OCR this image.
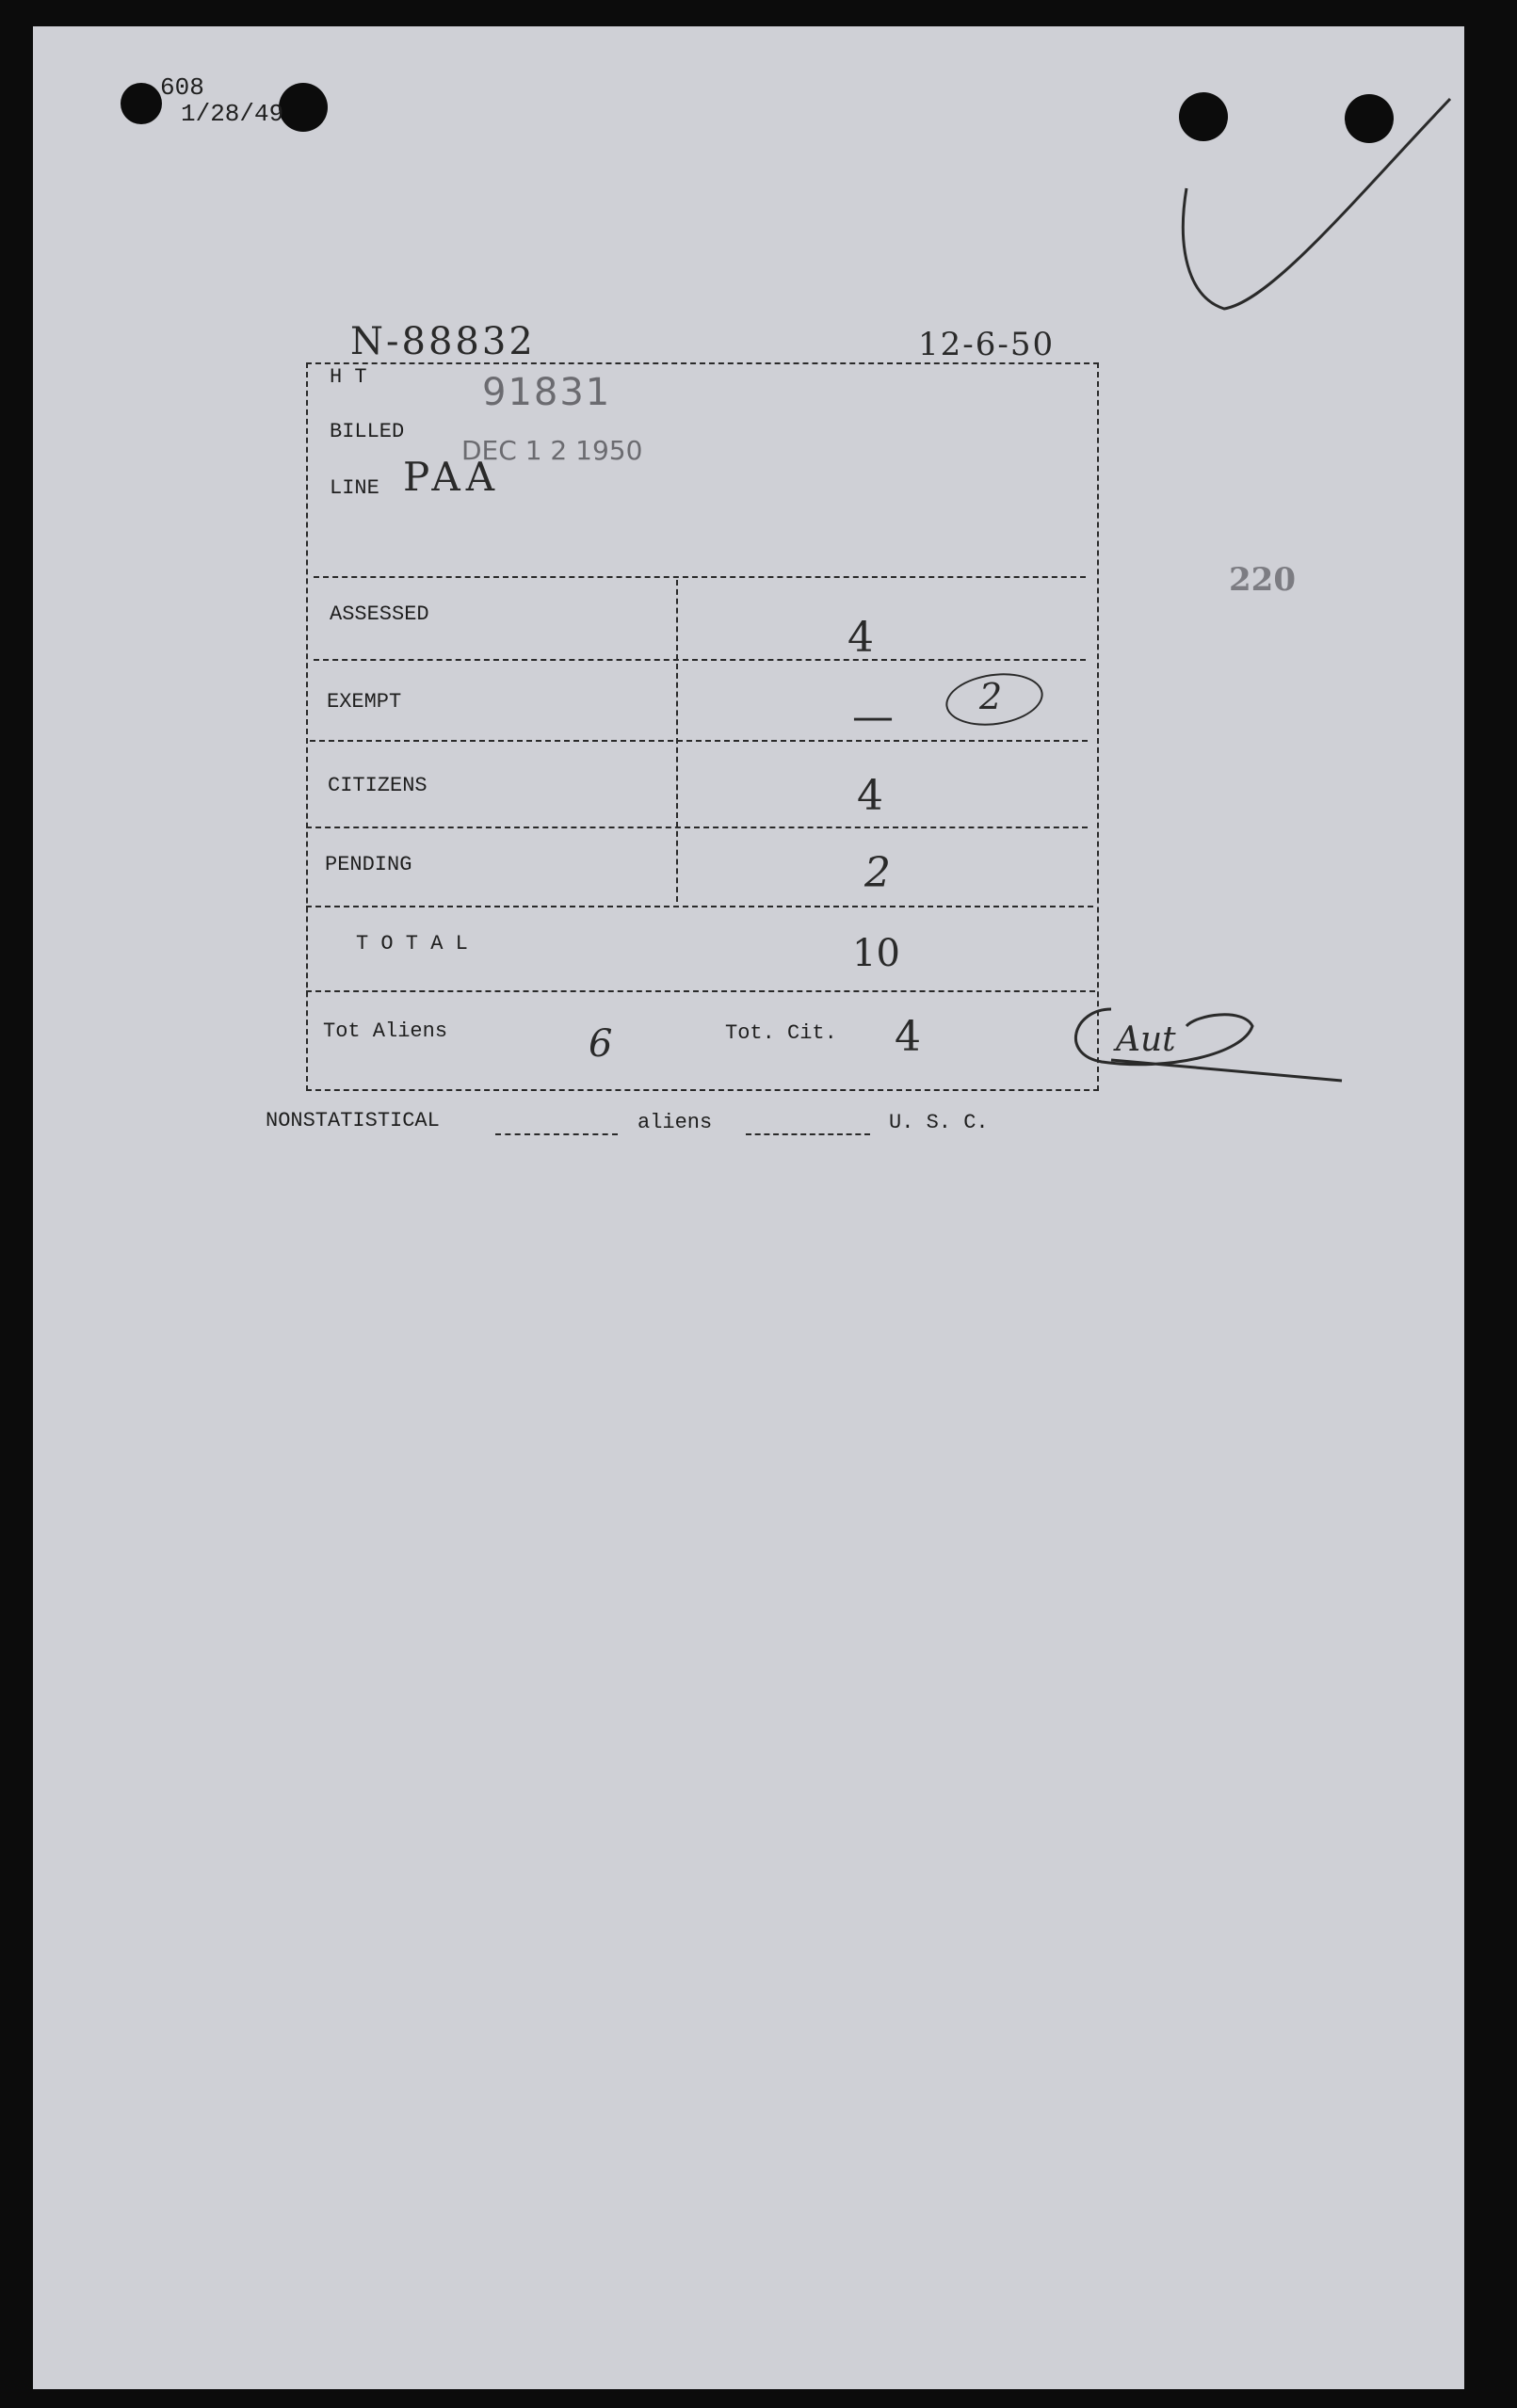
608
1/28/49
N-88832	12-6-50
220
H T	91831
BILLED
DEC 1 2 1950
LINE PAA
ASSESSED	4
EXEMPT	— 2
CITIZENS	4
PENDING	2
T O T A L	10
Tot Aliens	6	Tot. Cit. 4	Aut
NONSTATISTICAL	aliens	U. S. C.
